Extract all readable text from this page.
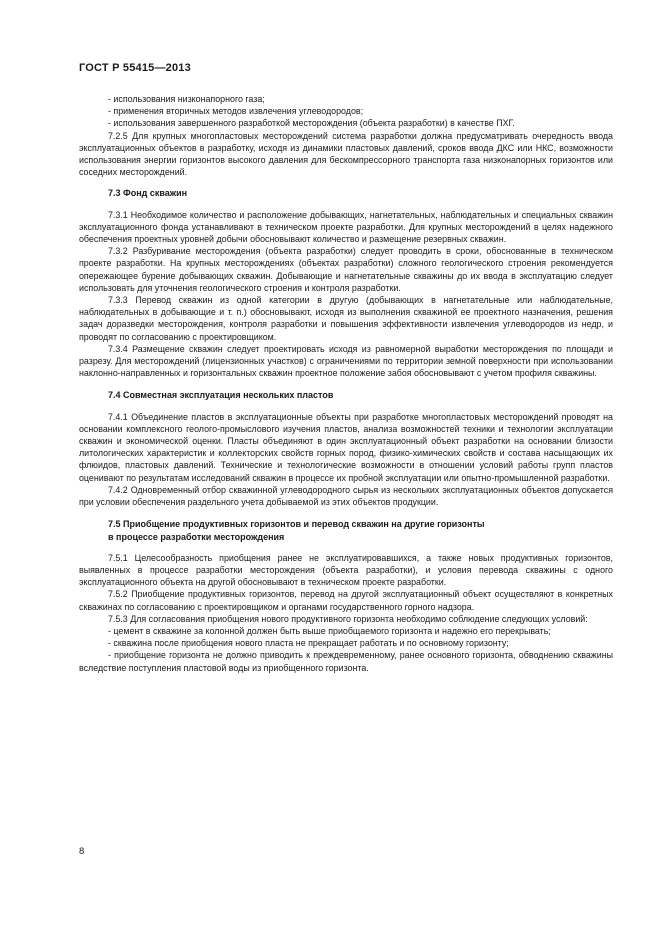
ГОСТ Р 55415—2013

- использования низконапорного газа;

- применения вторичных методов извлечения углеводородов;

- использования завершенного разработкой месторождения (объекта разработки) в качестве ПХГ.

7.2.5 Для крупных многопластовых месторождений система разработки должна предусматривать очередность ввода эксплуатационных объектов в разработку, исходя из динамики пластовых давлений, сроков ввода ДКС или НКС, возможности использования энергии горизонтов высокого давления для бескомпрессорного транспорта газа низконапорных горизонтов или соседних месторождений.

7.3 Фонд скважин

7.3.1 Необходимое количество и расположение добывающих, нагнетательных, наблюдательных и специальных скважин эксплуатационного фонда устанавливают в техническом проекте разработки. Для крупных месторождений в целях надежного обеспечения проектных уровней добычи обосновывают количество и размещение резервных скважин.

7.3.2 Разбуривание месторождения (объекта разработки) следует проводить в сроки, обоснованные в техническом проекте разработки. На крупных месторождениях (объектах разработки) сложного геологического строения рекомендуется опережающее бурение добывающих скважин. Добывающие и нагнетательные скважины до их ввода в эксплуатацию следует использовать для уточнения геологического строения и контроля разработки.

7.3.3 Перевод скважин из одной категории в другую (добывающих в нагнетательные или наблюдательные, наблюдательных в добывающие и т. п.) обосновывают, исходя из выполнения скважиной ее проектного назначения, решения задач доразведки месторождения, контроля разработки и повышения эффективности извлечения углеводородов из недр, и проводят по согласованию с проектировщиком.

7.3.4 Размещение скважин следует проектировать исходя из равномерной выработки месторождения по площади и разрезу. Для месторождений (лицензионных участков) с ограничениями по территории земной поверхности при использовании наклонно-направленных и горизонтальных скважин проектное положение забоя обосновывают с учетом профиля скважины.

7.4 Совместная эксплуатация нескольких пластов

7.4.1 Объединение пластов в эксплуатационные объекты при разработке многопластовых месторождений проводят на основании комплексного геолого-промыслового изучения пластов, анализа возможностей техники и технологии эксплуатации скважин и экономической оценки. Пласты объединяют в один эксплуатационный объект разработки на основании близости литологических характеристик и коллекторских свойств горных пород, физико-химических свойств и состава насыщающих их флюидов, пластовых давлений. Технические и технологические возможности в отношении условий работы групп пластов оценивают по результатам исследований скважин в процессе их пробной эксплуатации или опытно-промышленной разработки.

7.4.2 Одновременный отбор скважинной углеводородного сырья из нескольких эксплуатационных объектов допускается при условии обеспечения раздельного учета добываемой из этих объектов продукции.

7.5 Приобщение продуктивных горизонтов и перевод скважин на другие горизонты
в процессе разработки месторождения

7.5.1 Целесообразность приобщения ранее не эксплуатировавшихся, а также новых продуктивных горизонтов, выявленных в процессе разработки месторождения (объекта разработки), и условия перевода скважины с одного эксплуатационного объекта на другой обосновывают в техническом проекте разработки.

7.5.2 Приобщение продуктивных горизонтов, перевод на другой эксплуатационный объект осуществляют в конкретных скважинах по согласованию с проектировщиком и органами государственного горного надзора.

7.5.3 Для согласования приобщения нового продуктивного горизонта необходимо соблюдение следующих условий:

- цемент в скважине за колонной должен быть выше приобщаемого горизонта и надежно его перекрывать;

- скважина после приобщения нового пласта не прекращает работать и по основному горизонту;

- приобщение горизонта не должно приводить к преждевременному, ранее основного горизонта, обводнению скважины вследствие поступления пластовой воды из приобщенного горизонта.

8
